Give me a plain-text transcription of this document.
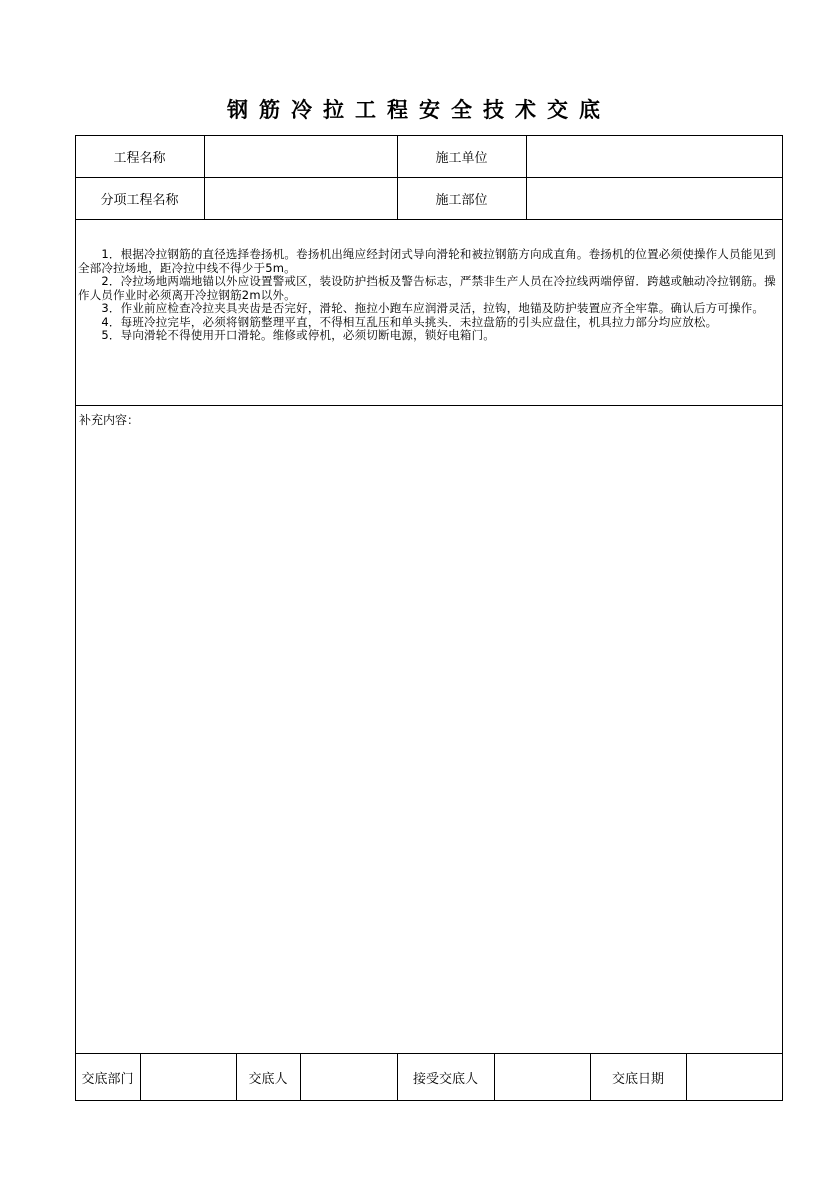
钢筋冷拉工程安全技术交底
工程名称	施工单位
分项工程名称	施工部位

　　1．根据冷拉钢筋的直径选择卷扬机。卷扬机出绳应经封闭式导向滑轮和被拉钢筋方向成直角。卷扬机的位置必须使操作人员能见到全部冷拉场地，距冷拉中线不得少于5m。

　　2．冷拉场地两端地锚以外应设置警戒区，装设防护挡板及警告标志，严禁非生产人员在冷拉线两端停留．跨越或触动冷拉钢筋。操作人员作业时必须离开冷拉钢筋2m以外。

　　3．作业前应检查冷拉夹具夹齿是否完好，滑轮、拖拉小跑车应润滑灵活，拉钩，地锚及防护装置应齐全牢靠。确认后方可操作。

　　4．每班冷拉完毕，必须将钢筋整理平直，不得相互乱压和单头挑头．未拉盘筋的引头应盘住，机具拉力部分均应放松。

　　5．导向滑轮不得使用开口滑轮。维修或停机，必须切断电源，锁好电箱门。

补充内容：
交底部门	交底人	接受交底人	交底日期
